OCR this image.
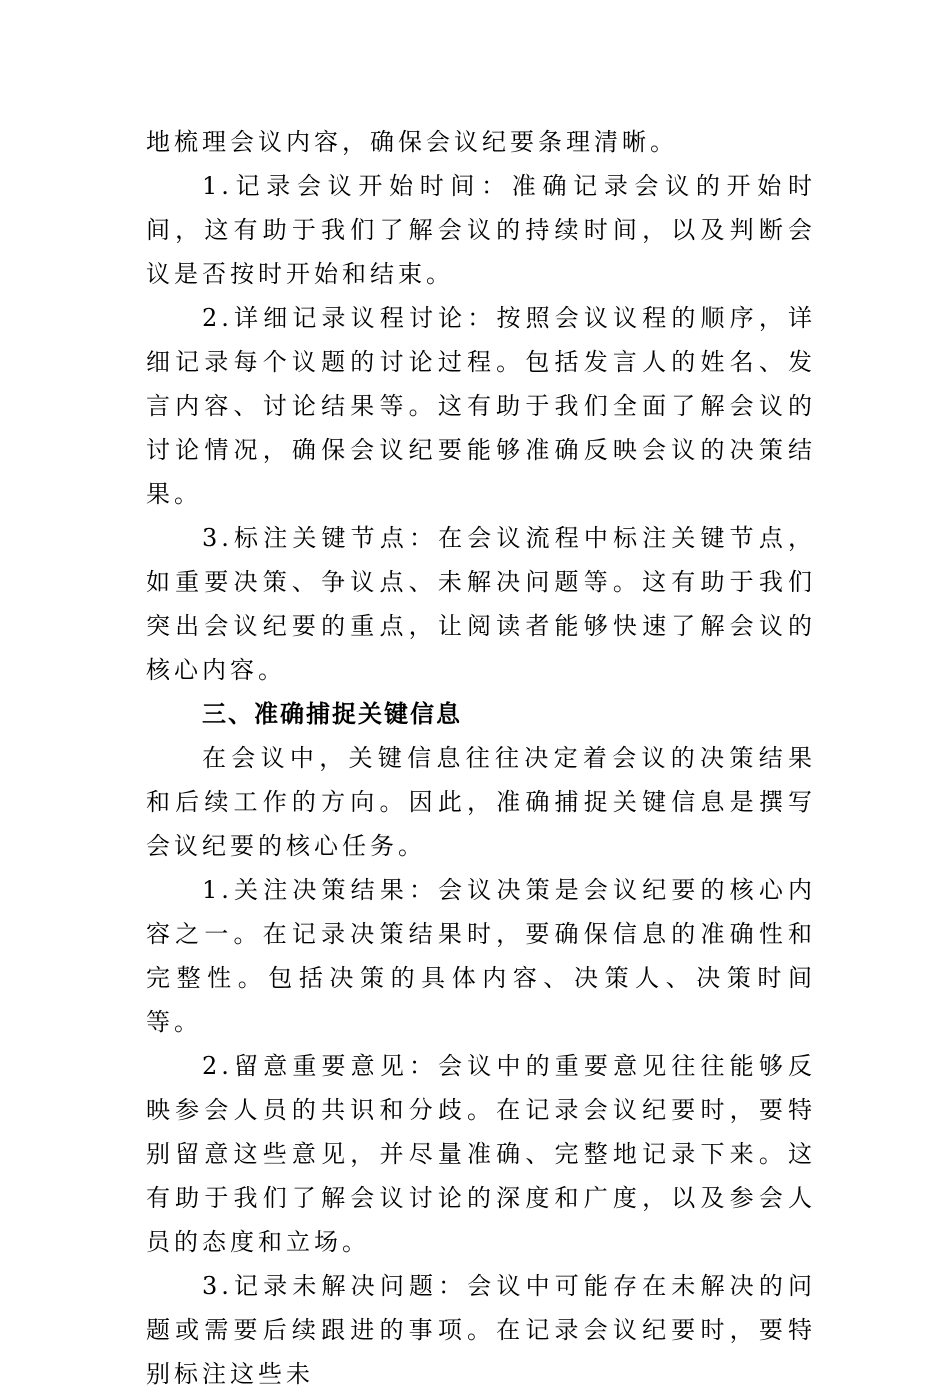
地梳理会议内容，确保会议纪要条理清晰。

1.记录会议开始时间：准确记录会议的开始时间，这有助于我们了解会议的持续时间，以及判断会议是否按时开始和结束。

2.详细记录议程讨论：按照会议议程的顺序，详细记录每个议题的讨论过程。包括发言人的姓名、发言内容、讨论结果等。这有助于我们全面了解会议的讨论情况，确保会议纪要能够准确反映会议的决策结果。

3.标注关键节点：在会议流程中标注关键节点，如重要决策、争议点、未解决问题等。这有助于我们突出会议纪要的重点，让阅读者能够快速了解会议的核心内容。

三、准确捕捉关键信息

在会议中，关键信息往往决定着会议的决策结果和后续工作的方向。因此，准确捕捉关键信息是撰写会议纪要的核心任务。

1.关注决策结果：会议决策是会议纪要的核心内容之一。在记录决策结果时，要确保信息的准确性和完整性。包括决策的具体内容、决策人、决策时间等。

2.留意重要意见：会议中的重要意见往往能够反映参会人员的共识和分歧。在记录会议纪要时，要特别留意这些意见，并尽量准确、完整地记录下来。这有助于我们了解会议讨论的深度和广度，以及参会人员的态度和立场。

3.记录未解决问题：会议中可能存在未解决的问题或需要后续跟进的事项。在记录会议纪要时，要特别标注这些未
